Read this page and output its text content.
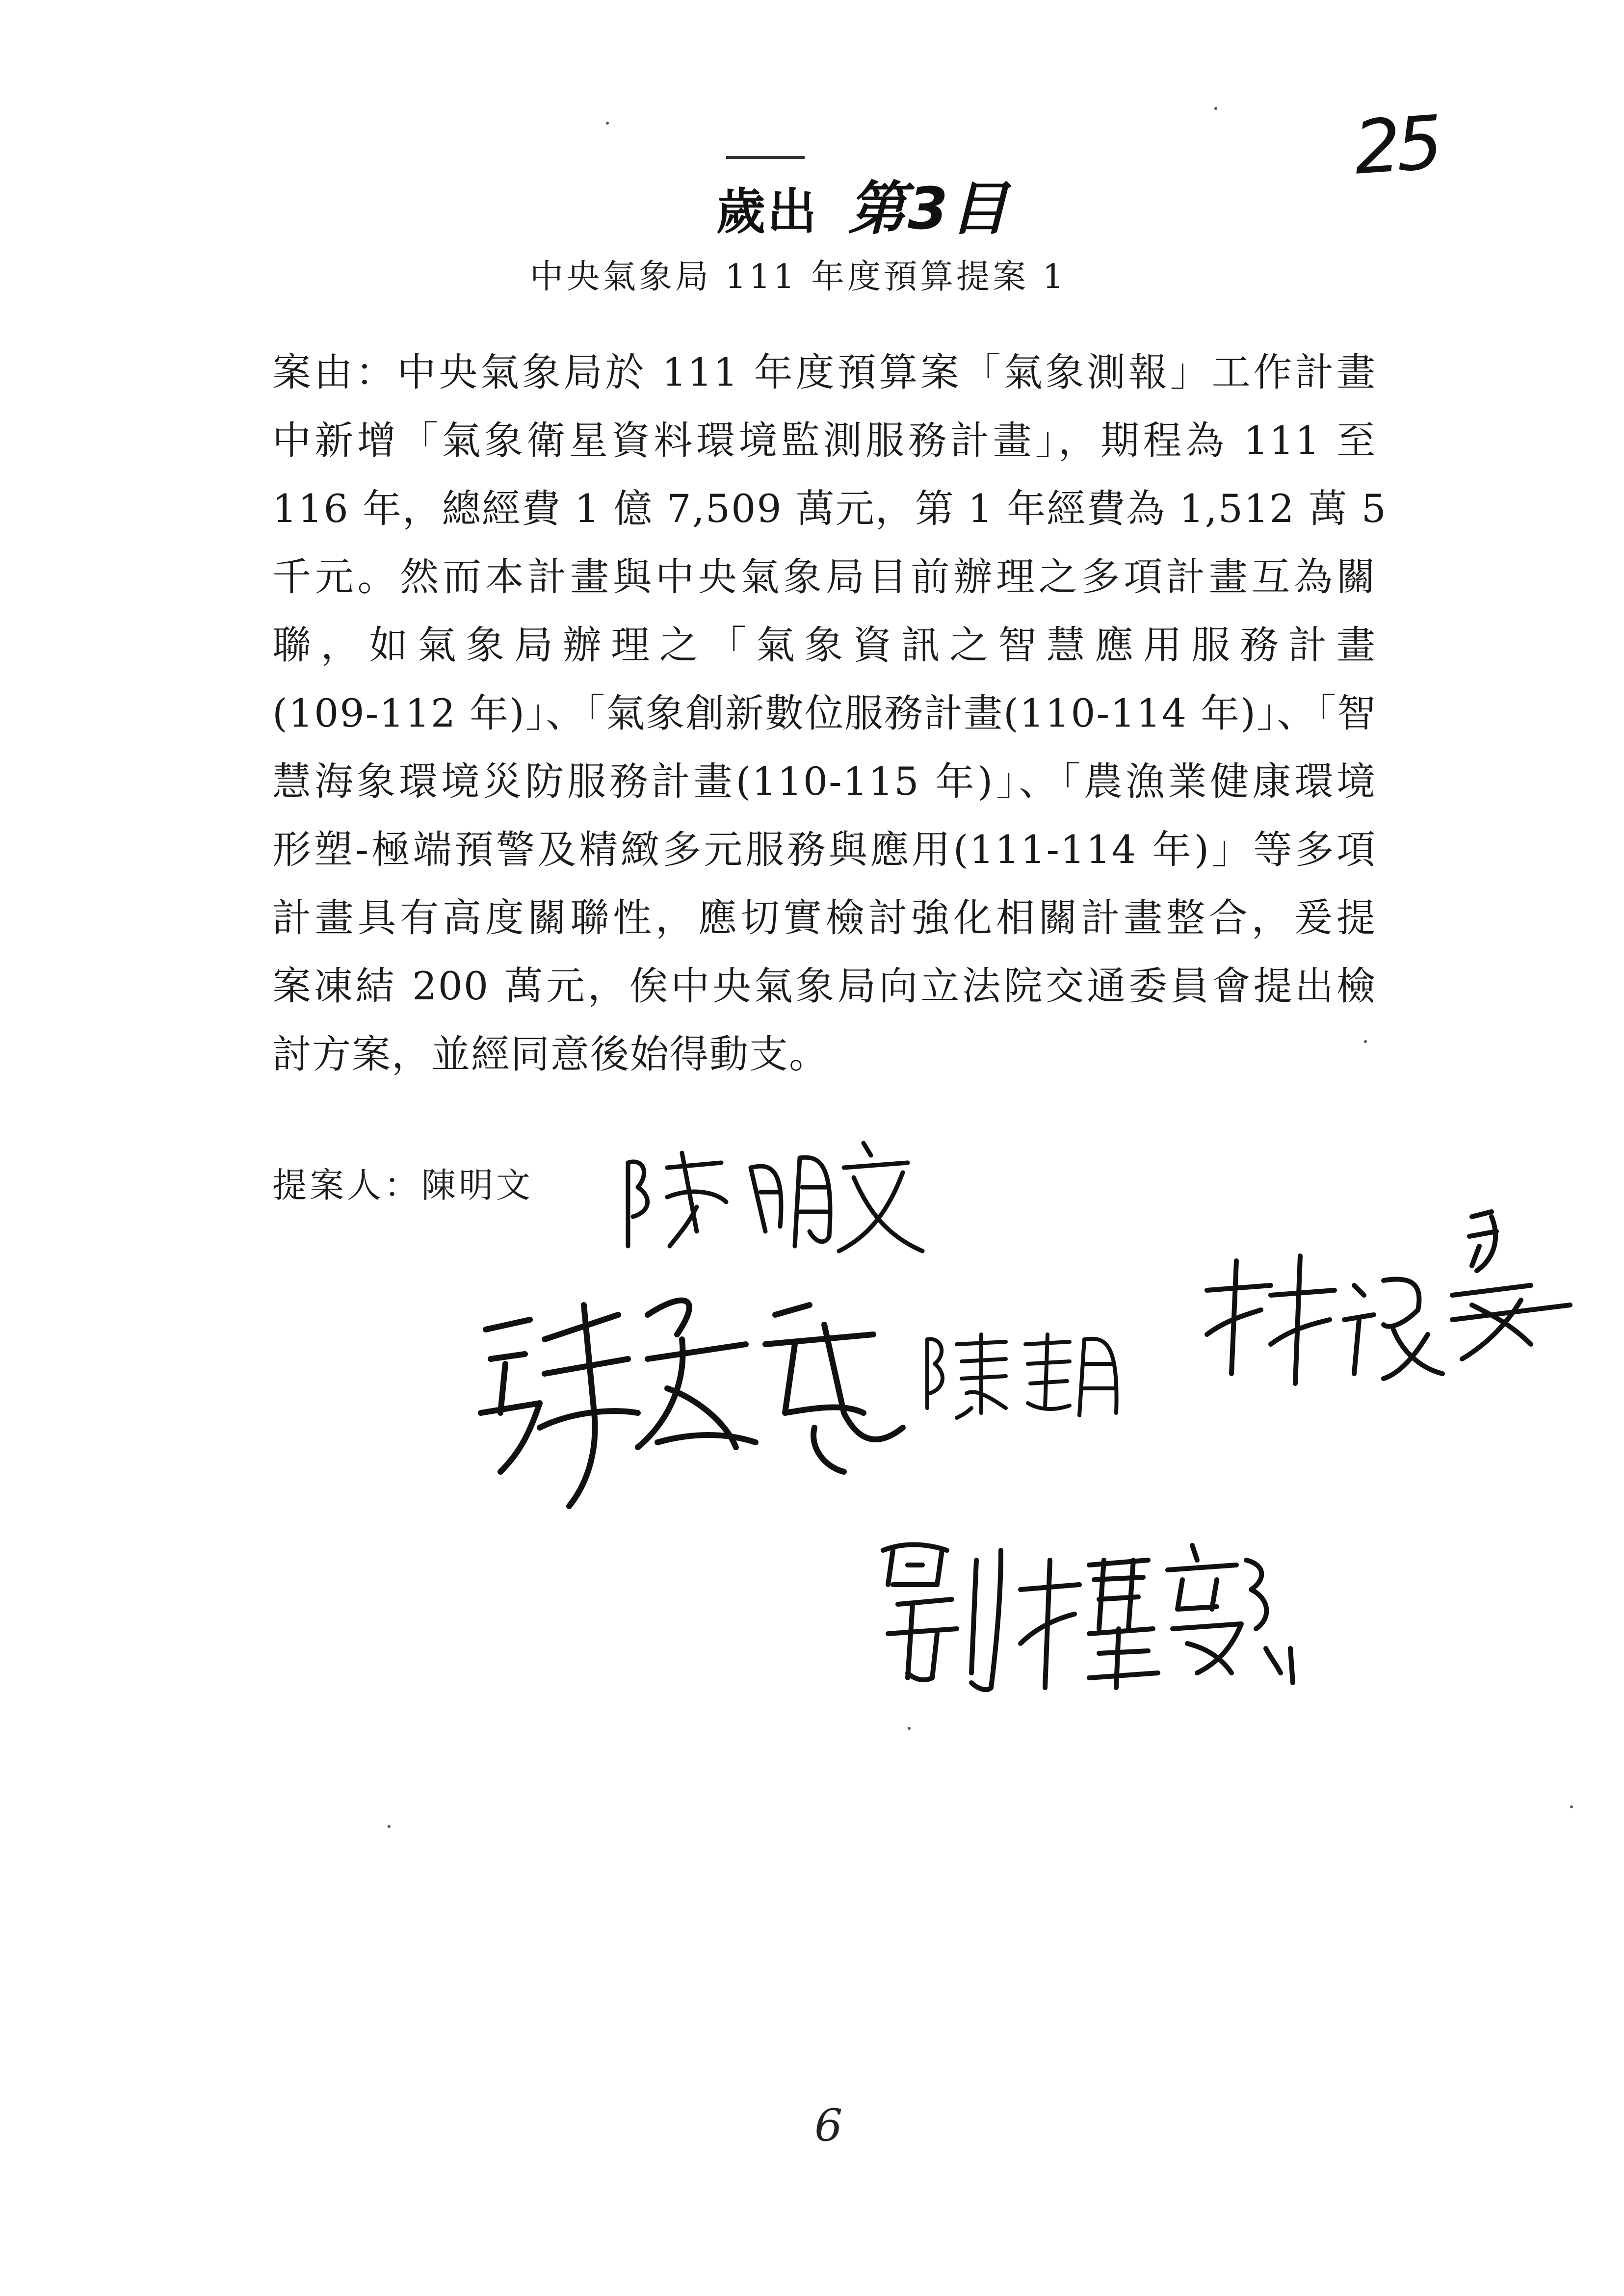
25
歲出 第3目
中央氣象局 111 年度預算提案 1
案由：中央氣象局於 111 年度預算案「氣象測報」工作計畫
中新增「氣象衛星資料環境監測服務計畫」，期程為 111 至
116 年，總經費 1 億 7,509 萬元，第 1 年經費為 1,512 萬 5
千元。然而本計畫與中央氣象局目前辦理之多項計畫互為關
聯，如氣象局辦理之「氣象資訊之智慧應用服務計畫
(109-112 年)」、「氣象創新數位服務計畫(110-114 年)」、「智
慧海象環境災防服務計畫(110-115 年)」、「農漁業健康環境
形塑-極端預警及精緻多元服務與應用(111-114 年)」等多項
計畫具有高度關聯性，應切實檢討強化相關計畫整合，爰提
案凍結 200 萬元，俟中央氣象局向立法院交通委員會提出檢
討方案，並經同意後始得動支。
提案人：陳明文
6
